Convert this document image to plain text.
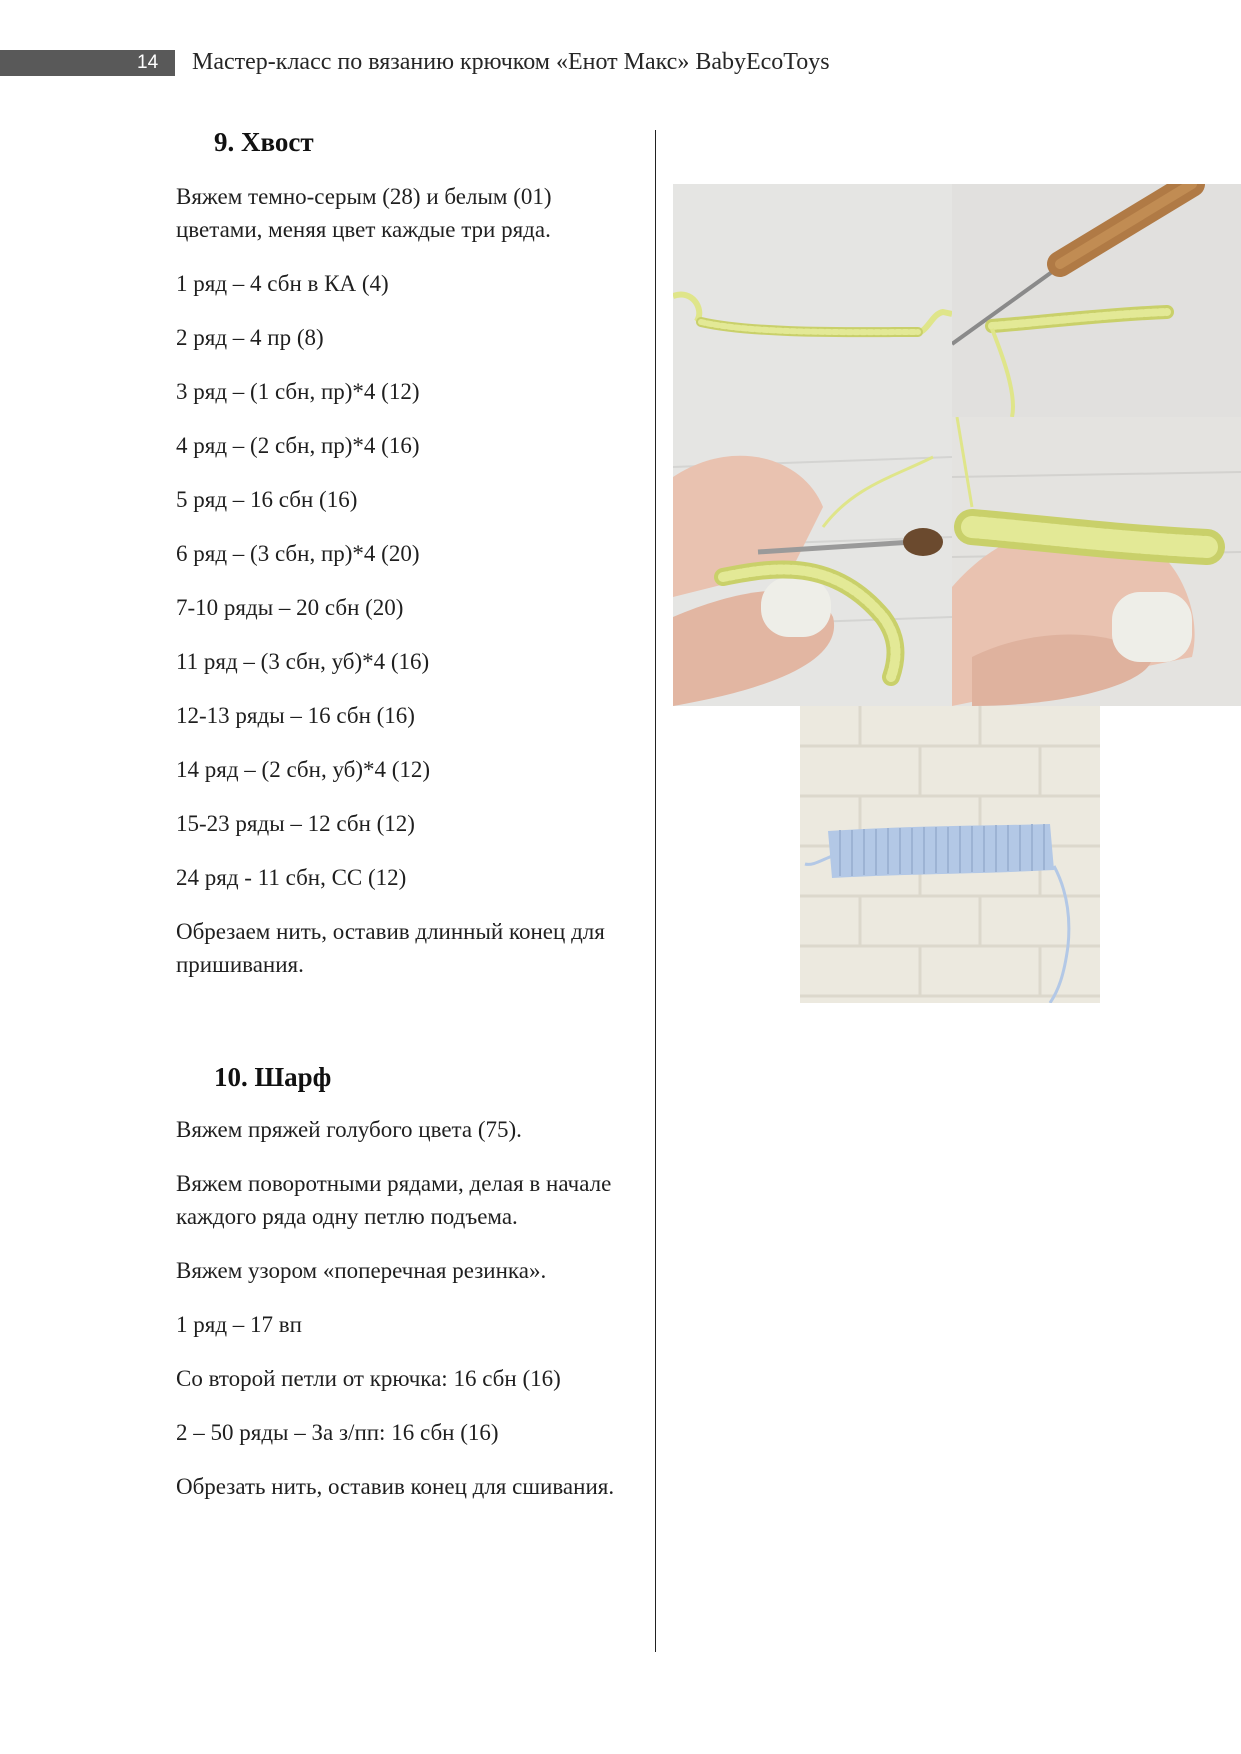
14 Мастер-класс по вязанию крючком «Енот Макс» BabyEcoToys
9. Хвост

Вяжем темно-серым (28) и белым (01) цветами, меняя цвет каждые три ряда.

1 ряд – 4 сбн в КА (4)

2 ряд – 4 пр (8)

3 ряд – (1 сбн, пр)*4 (12)

4 ряд – (2 сбн, пр)*4 (16)

5 ряд – 16 сбн (16)

6 ряд – (3 сбн, пр)*4 (20)

7-10 ряды – 20 сбн (20)

11 ряд – (3 сбн, уб)*4 (16)

12-13 ряды – 16 сбн (16)

14 ряд – (2 сбн, уб)*4 (12)

15-23 ряды – 12 сбн (12)

24 ряд - 11 сбн, СС (12)

Обрезаем нить, оставив длинный конец для пришивания.

10. Шарф

Вяжем пряжей голубого цвета (75).

Вяжем поворотными рядами, делая в начале каждого ряда одну петлю подъема.

Вяжем узором «поперечная резинка».

1 ряд – 17 вп

Со второй петли от крючка: 16 сбн (16)

2 – 50 ряды – За з/пп: 16 сбн (16)

Обрезать нить, оставив конец для сшивания.
